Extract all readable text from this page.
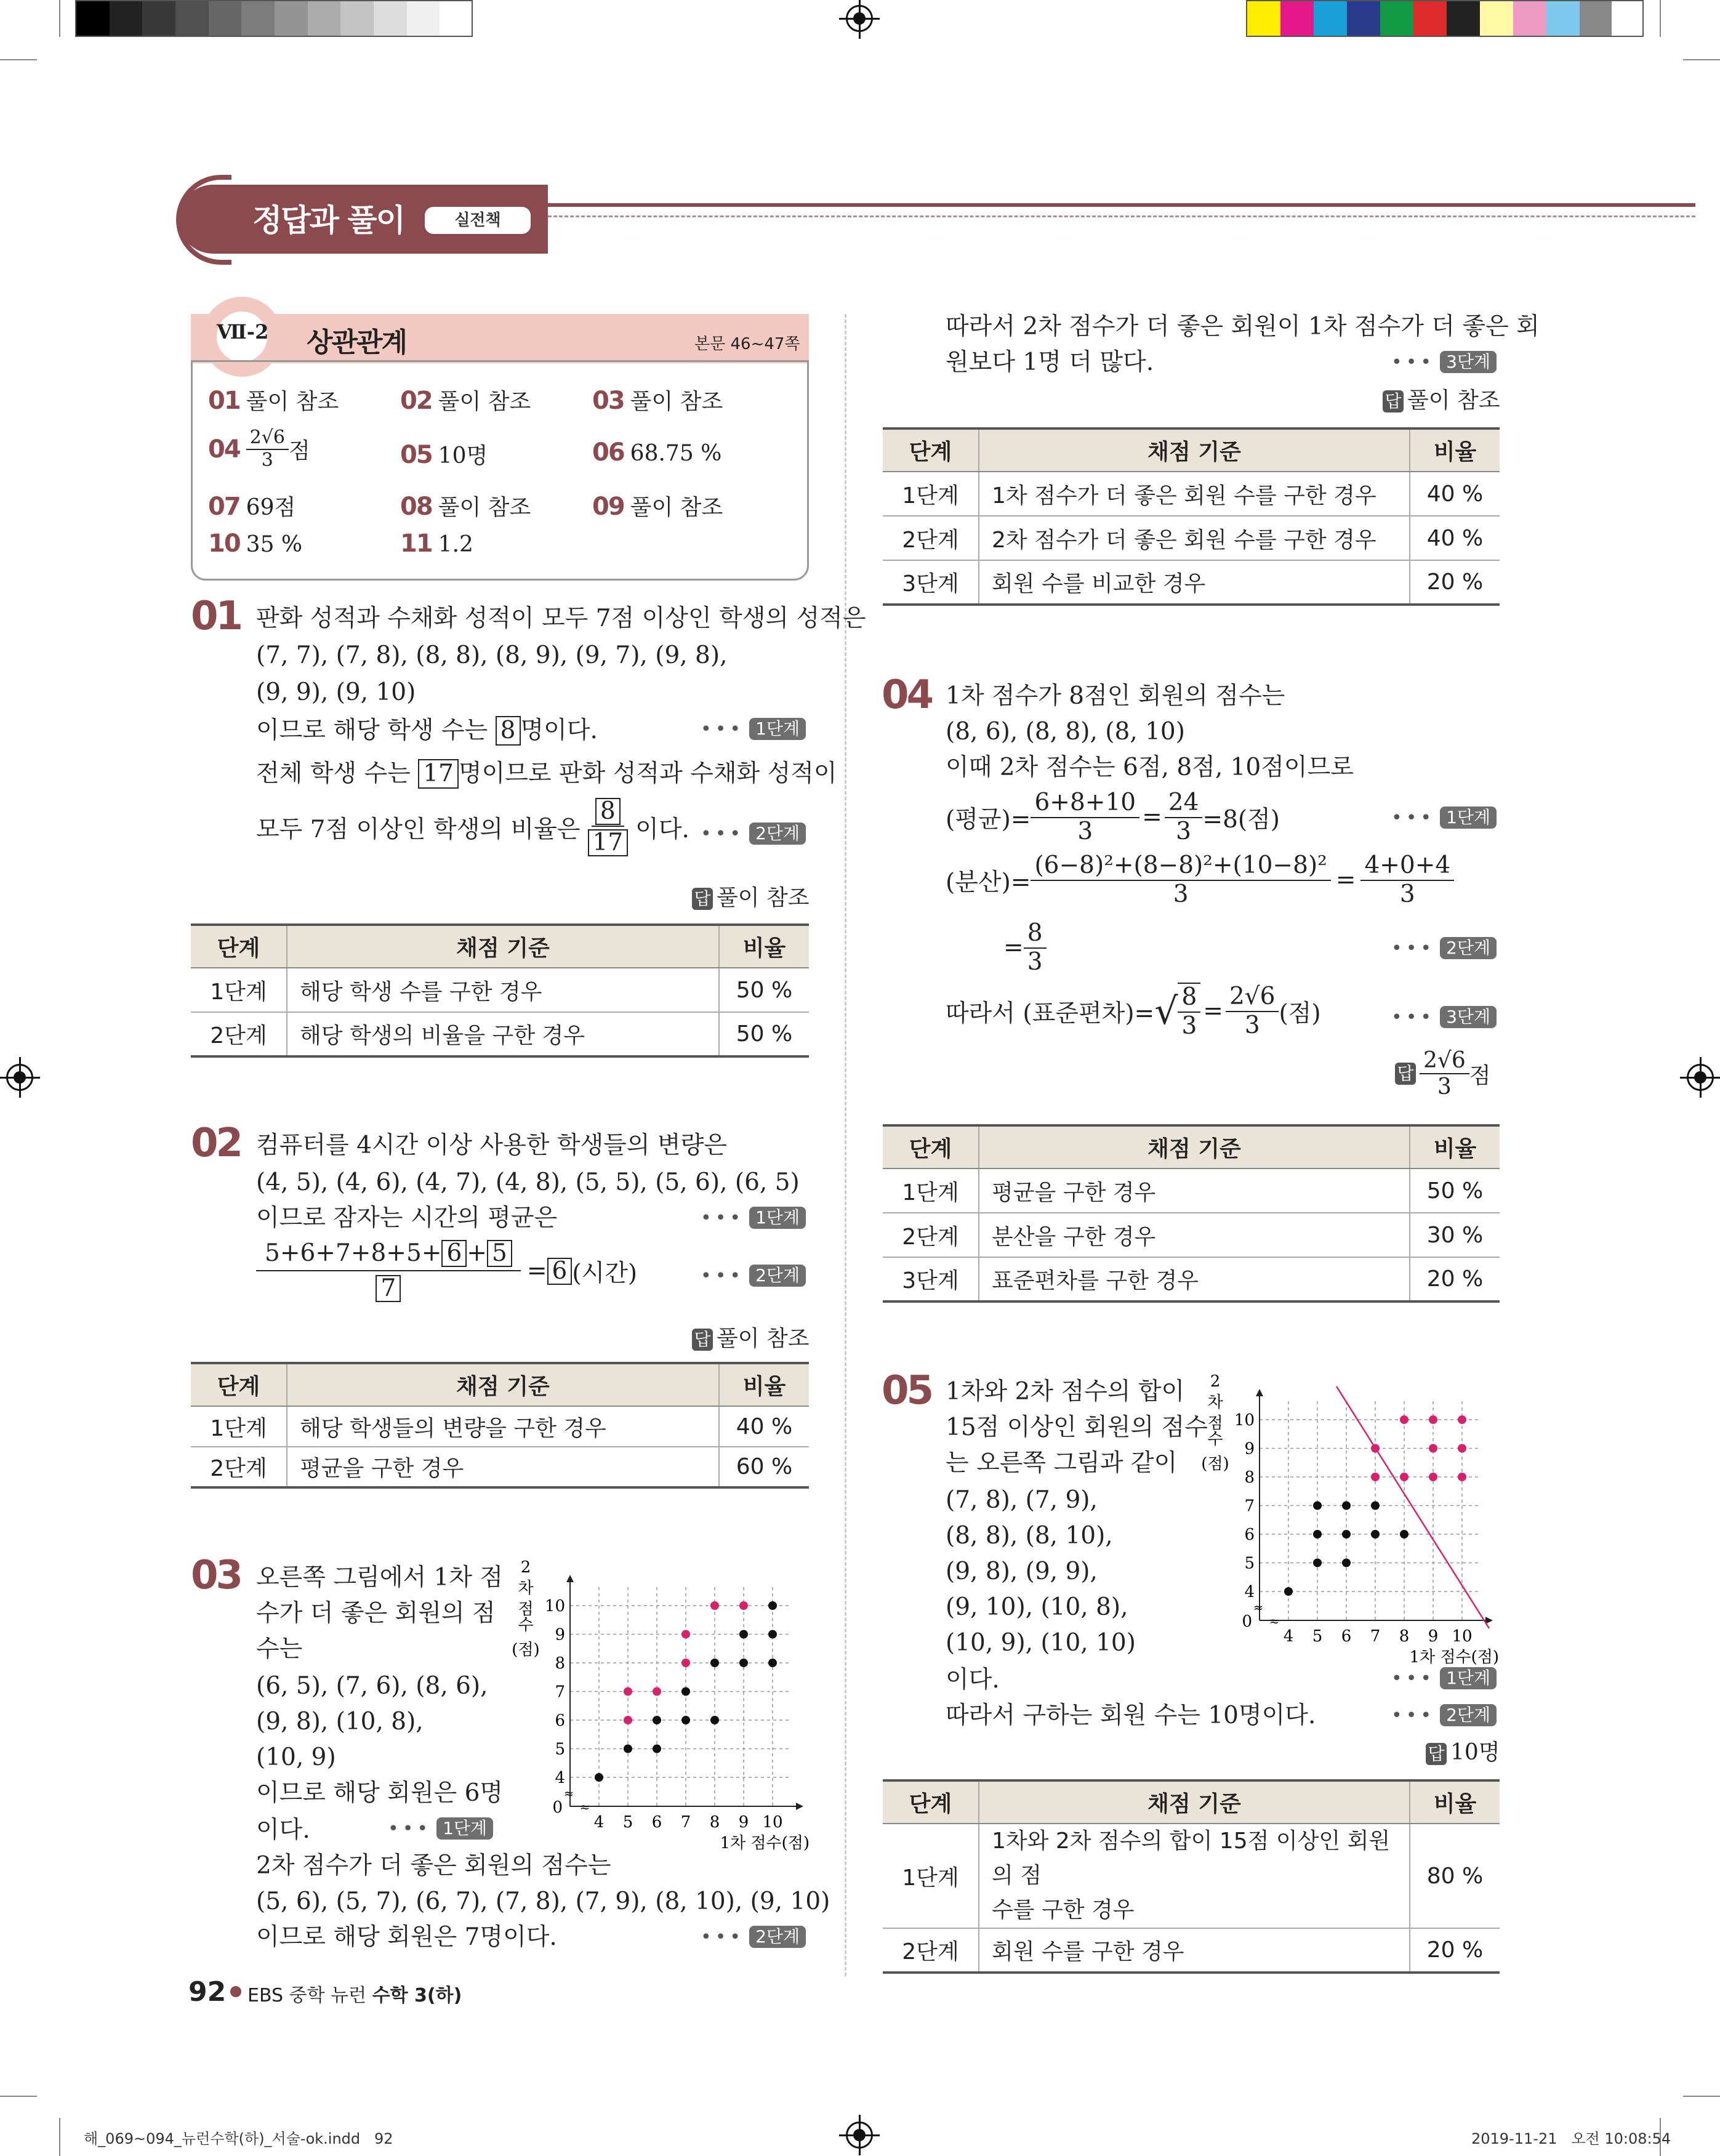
정답과 풀이	실전책
Ⅶ-2	상관관계	본문 46~47쪽
01 풀이 참조 02 풀이 참조 03 풀이 참조
$04 \frac{2√6}{3}$ 점	05 10명	06 68.75 %
07 69점	08 풀이 참조 09 풀이 참조
10 35 %	11 1.2
01 판화 성적과 수채화 성적이 모두 7점 이상인 학생의 성적은
(7, 7), (7, 8), (8, 8), (8, 9), (9, 7), (9, 8),
(9, 9), (9, 10)
이므로 해당 학생 수는 8 명이다.	••• 1단계
전체 학생 수는 17 명이므로 판화 성적과 수채화 성적이
모두 7점 이상인 학생의 비율은 $\frac{8}{17}$ 이다. ••• 2단계
답 풀이 참조
단계	채점 기준	비율
1단계	해당 학생 수를 구한 경우	50 %
2단계	해당 학생의 비율을 구한 경우	50 %
02 컴퓨터를 4시간 이상 사용한 학생들의 변량은
(4, 5), (4, 6), (4, 7), (4, 8), (5, 5), (5, 6), (6, 5)
이므로 잠자는 시간의 평균은	••• 1단계
$\frac{5+6+7+8+5+ 6 + 5}{7} = 6$ (시간)	••• 2단계
답 풀이 참조
단계	채점 기준	비율
1단계	해당 학생들의 변량을 구한 경우	40 %
2단계	평균을 구한 경우	60 %
03 오른쪽 그림에서 1차 점
수가 더 좋은 회원의 점
수는
(6, 5), (7, 6), (8, 6),
(9, 8), (10, 8),
(10, 9)
이므로 해당 회원은 6명
이다.	••• 1단계
2차 점수가 더 좋은 회원의 점수는
(5, 6), (5, 7), (6, 7), (7, 8), (7, 9), (8, 10), (9, 10)
이므로 해당 회원은 7명이다.	••• 2단계
≈
≈
4 5 6 7 8 9 10
4
5
6
7
8
9
10
0
1차 점수(점)
2
차
점
수
(점)
따라서 2차 점수가 더 좋은 회원이 1차 점수가 더 좋은 회
원보다 1명 더 많다.	••• 3단계
답 풀이 참조
단계	채점 기준	비율
1단계	1차 점수가 더 좋은 회원 수를 구한 경우	40 %
2단계	2차 점수가 더 좋은 회원 수를 구한 경우	40 %
3단계	회원 수를 비교한 경우	20 %
04 1차 점수가 8점인 회원의 점수는
(8, 6), (8, 8), (8, 10)
이때 2차 점수는 6점, 8점, 10점이므로
(평균)= $\frac{6+8+10}{3} = \frac{24}{3} =8$(점)	••• 1단계
(분산)= $\frac{\text{(6−8)²+(8−8)²+(10−8)²}}{3} = \frac{4+0+4}{3}$
= $\frac{8}{3}$	••• 2단계
따라서 (표준편차)= √ $\frac{8}{3} = \frac{2√6}{3}$ (점)	••• 3단계
답 $\frac{2√6}{3}$ 점
단계	채점 기준	비율
1단계	평균을 구한 경우	50 %
2단계	분산을 구한 경우	30 %
3단계	표준편차를 구한 경우	20 %
05 1차와 2차 점수의 합이
15점 이상인 회원의 점수
는 오른쪽 그림과 같이
(7, 8), (7, 9),
(8, 8), (8, 10),
(9, 8), (9, 9),
(9, 10), (10, 8),
(10, 9), (10, 10)
이다.	••• 1단계
따라서 구하는 회원 수는 10명이다.	••• 2단계
답 10명
단계	채점 기준	비율
1단계	1차와 2차 점수의 합이 15점 이상인 회원의 점
수를 구한 경우	80 %
2단계	회원 수를 구한 경우	20 %
≈
≈
4 5 6 7 8 9 10
4
5
6
7
8
9
10
0
1차 점수(점)
2
차
점
수
(점)
92 EBS 중학 뉴런 수학 3(하)
해_069~094_뉴런수학(하)_서술-ok.indd   92	2019-11-21   오전 10:08:54
